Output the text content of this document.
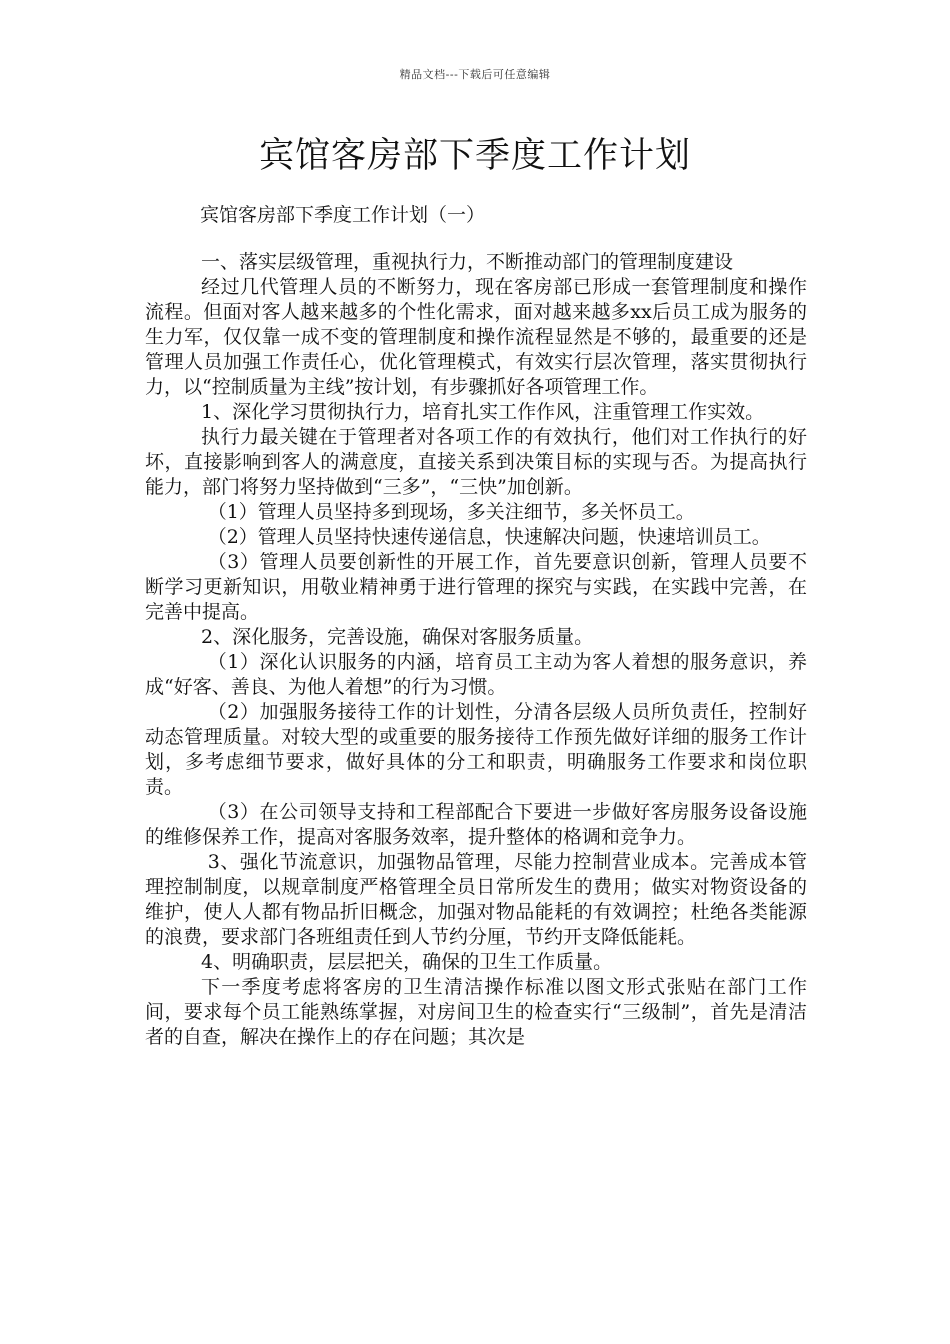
精品文档---下载后可任意编辑
宾馆客房部下季度工作计划

宾馆客房部下季度工作计划（一）

一、落实层级管理，重视执行力，不断推动部门的管理制度建设

经过几代管理人员的不断努力，现在客房部已形成一套管理制度和操作流程。但面对客人越来越多的个性化需求，面对越来越多xx后员工成为服务的生力军，仅仅靠一成不变的管理制度和操作流程显然是不够的，最重要的还是管理人员加强工作责任心，优化管理模式，有效实行层次管理，落实贯彻执行力，以“控制质量为主线”按计划，有步骤抓好各项管理工作。

1、深化学习贯彻执行力，培育扎实工作作风，注重管理工作实效。

执行力最关键在于管理者对各项工作的有效执行，他们对工作执行的好坏，直接影响到客人的满意度，直接关系到决策目标的实现与否。为提高执行能力，部门将努力坚持做到“三多”，“三快”加创新。

（1）管理人员坚持多到现场，多关注细节，多关怀员工。

（2）管理人员坚持快速传递信息，快速解决问题，快速培训员工。

（3）管理人员要创新性的开展工作，首先要意识创新，管理人员要不断学习更新知识，用敬业精神勇于进行管理的探究与实践，在实践中完善，在完善中提高。

2、深化服务，完善设施，确保对客服务质量。

（1）深化认识服务的内涵，培育员工主动为客人着想的服务意识，养成“好客、善良、为他人着想”的行为习惯。

（2）加强服务接待工作的计划性，分清各层级人员所负责任，控制好动态管理质量。对较大型的或重要的服务接待工作预先做好详细的服务工作计划，多考虑细节要求，做好具体的分工和职责，明确服务工作要求和岗位职责。

（3）在公司领导支持和工程部配合下要进一步做好客房服务设备设施的维修保养工作，提高对客服务效率，提升整体的格调和竞争力。

3、强化节流意识，加强物品管理，尽能力控制营业成本。完善成本管理控制制度，以规章制度严格管理全员日常所发生的费用；做实对物资设备的维护，使人人都有物品折旧概念，加强对物品能耗的有效调控；杜绝各类能源的浪费，要求部门各班组责任到人节约分厘，节约开支降低能耗。

4、明确职责，层层把关，确保的卫生工作质量。

下一季度考虑将客房的卫生清洁操作标准以图文形式张贴在部门工作间，要求每个员工能熟练掌握，对房间卫生的检查实行“三级制”，首先是清洁者的自查，解决在操作上的存在问题；其次是
